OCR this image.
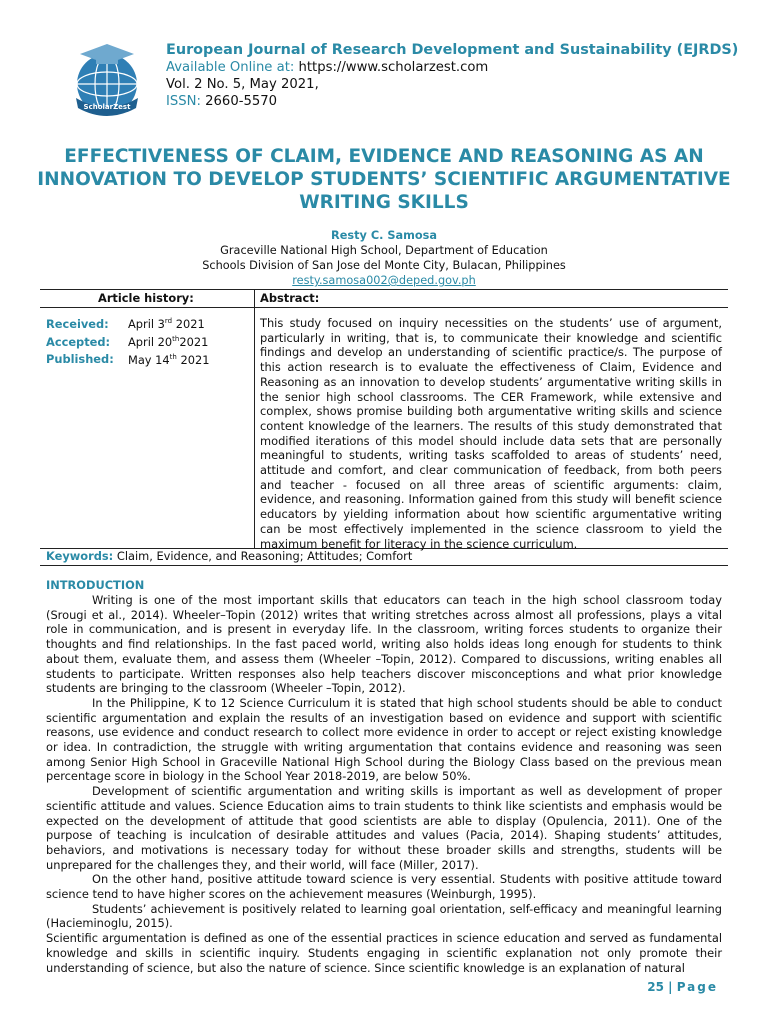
ScholarZest
European Journal of Research Development and Sustainability (EJRDS)
Available Online at: https://www.scholarzest.com
Vol. 2 No. 5, May 2021,
ISSN: 2660-5570
EFFECTIVENESS OF CLAIM, EVIDENCE AND REASONING AS AN INNOVATION TO DEVELOP STUDENTS’ SCIENTIFIC ARGUMENTATIVE WRITING SKILLS
Resty C. Samosa
Graceville National High School, Department of Education
Schools Division of San Jose del Monte City, Bulacan, Philippines
resty.samosa002@deped.gov.ph
Article history:	Abstract:
Received: April 3rd 2021
Accepted: April 20th2021
Published: May 14th 2021
This study focused on inquiry necessities on the students’ use of argument, particularly in writing, that is, to communicate their knowledge and scientific findings and develop an understanding of scientific practice/s. The purpose of this action research is to evaluate the effectiveness of Claim, Evidence and Reasoning as an innovation to develop students’ argumentative writing skills in the senior high school classrooms. The CER Framework, while extensive and complex, shows promise building both argumentative writing skills and science content knowledge of the learners. The results of this study demonstrated that modified iterations of this model should include data sets that are personally meaningful to students, writing tasks scaffolded to areas of students’ need, attitude and comfort, and clear communication of feedback, from both peers and teacher - focused on all three areas of scientific arguments: claim, evidence, and reasoning. Information gained from this study will benefit science educators by yielding information about how scientific argumentative writing can be most effectively implemented in the science classroom to yield the maximum benefit for literacy in the science curriculum.
Keywords: Claim, Evidence, and Reasoning; Attitudes; Comfort
INTRODUCTION

Writing is one of the most important skills that educators can teach in the high school classroom today (Srougi et al., 2014). Wheeler–Topin (2012) writes that writing stretches across almost all professions, plays a vital role in communication, and is present in everyday life. In the classroom, writing forces students to organize their thoughts and find relationships. In the fast paced world, writing also holds ideas long enough for students to think about them, evaluate them, and assess them (Wheeler –Topin, 2012). Compared to discussions, writing enables all students to participate. Written responses also help teachers discover misconceptions and what prior knowledge students are bringing to the classroom (Wheeler –Topin, 2012).

In the Philippine, K to 12 Science Curriculum it is stated that high school students should be able to conduct scientific argumentation and explain the results of an investigation based on evidence and support with scientific reasons, use evidence and conduct research to collect more evidence in order to accept or reject existing knowledge or idea. In contradiction, the struggle with writing argumentation that contains evidence and reasoning was seen among Senior High School in Graceville National High School during the Biology Class based on the previous mean percentage score in biology in the School Year 2018-2019, are below 50%.

Development of scientific argumentation and writing skills is important as well as development of proper scientific attitude and values. Science Education aims to train students to think like scientists and emphasis would be expected on the development of attitude that good scientists are able to display (Opulencia, 2011). One of the purpose of teaching is inculcation of desirable attitudes and values (Pacia, 2014). Shaping students’ attitudes, behaviors, and motivations is necessary today for without these broader skills and strengths, students will be unprepared for the challenges they, and their world, will face (Miller, 2017).

On the other hand, positive attitude toward science is very essential. Students with positive attitude toward science tend to have higher scores on the achievement measures (Weinburgh, 1995).

Students’ achievement is positively related to learning goal orientation, self-efficacy and meaningful learning (Hacieminoglu, 2015).

Scientific argumentation is defined as one of the essential practices in science education and served as fundamental knowledge and skills in scientific inquiry. Students engaging in scientific explanation not only promote their understanding of science, but also the nature of science. Since scientific knowledge is an explanation of natural

25 | Page
